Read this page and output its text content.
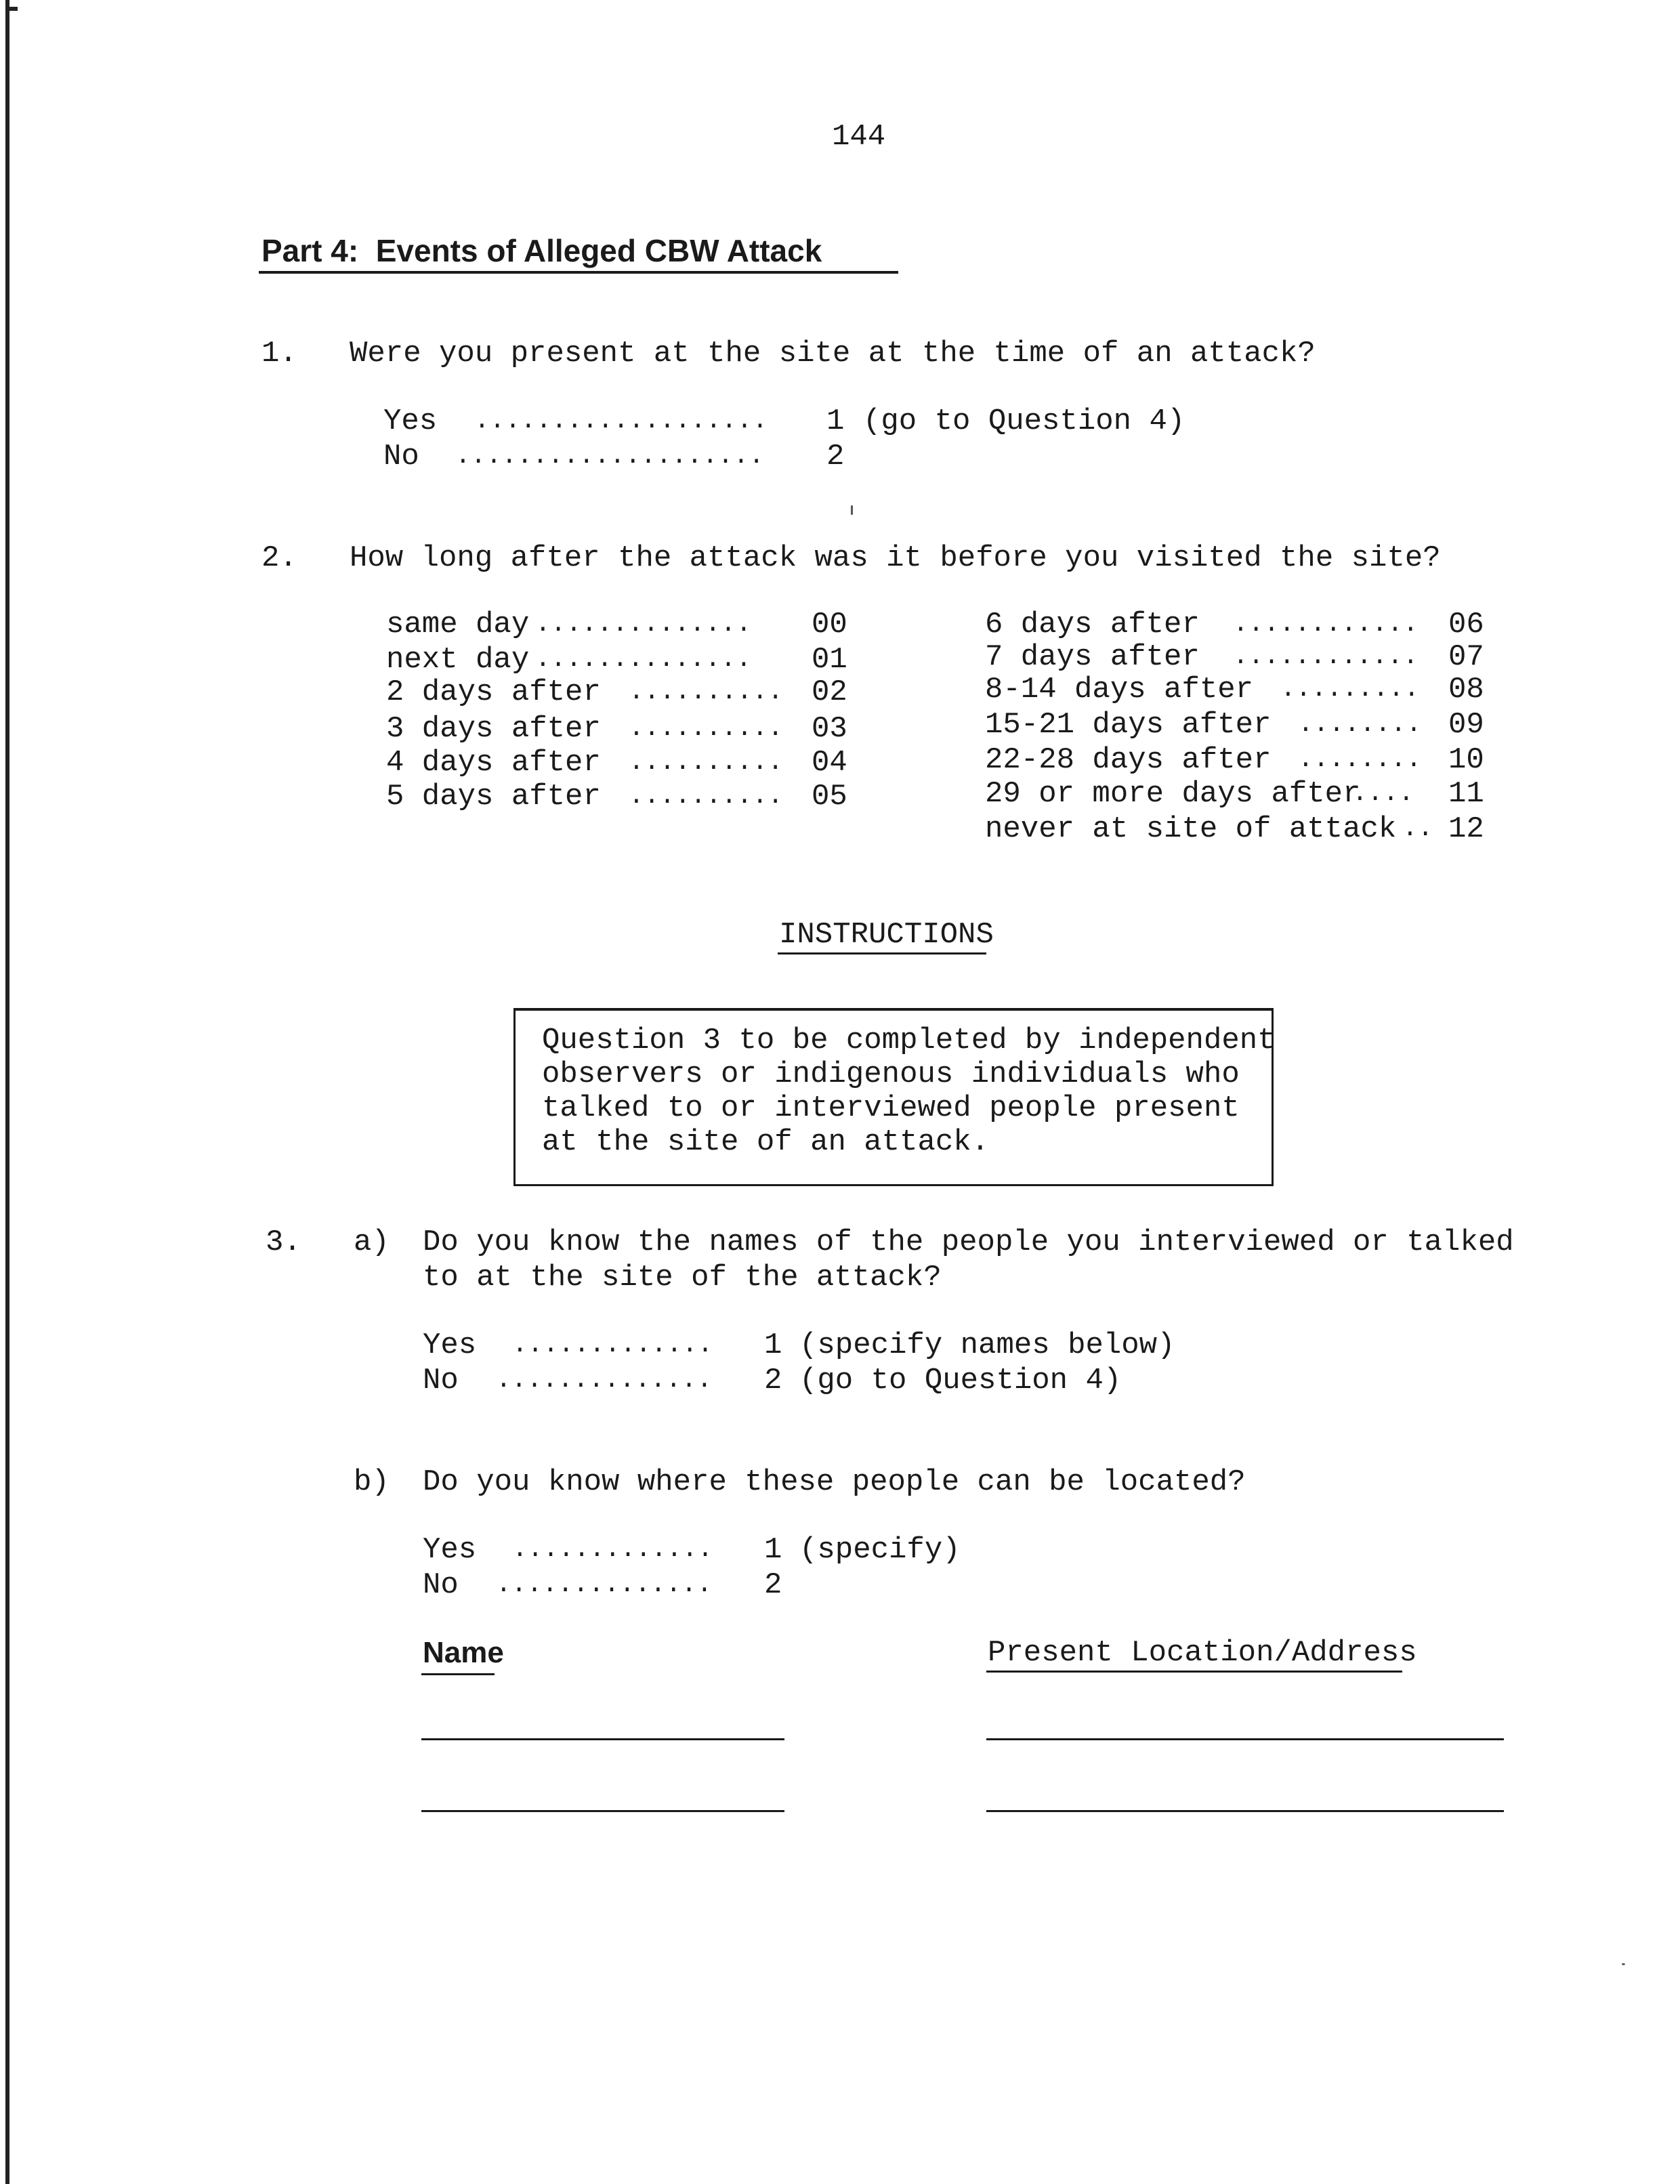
144
Part 4:  Events of Alleged CBW Attack
1. Were you present at the site at the time of an attack?
Yes ................... 1 (go to Question 4)
No .................... 2
2. How long after the attack was it before you visited the site?
same day .............. 00
next day .............. 01
2 days after .......... 02
3 days after .......... 03
4 days after .......... 04
5 days after .......... 05
6 days after ............ 06
7 days after ............ 07
8-14 days after ......... 08
15-21 days after ........ 09
22-28 days after ........ 10
29 or more days after
.... 11
never at site of attack .. 12
INSTRUCTIONS
Question 3 to be completed by independent
observers or indigenous individuals who
talked to or interviewed people present
at the site of an attack.
3. a) Do you know the names of the people you interviewed or talked
to at the site of the attack?
Yes ............. 1 (specify names below)
No .............. 2 (go to Question 4)
b) Do you know where these people can be located?
Yes ............. 1 (specify)
No .............. 2
Name	Present Location/Address
